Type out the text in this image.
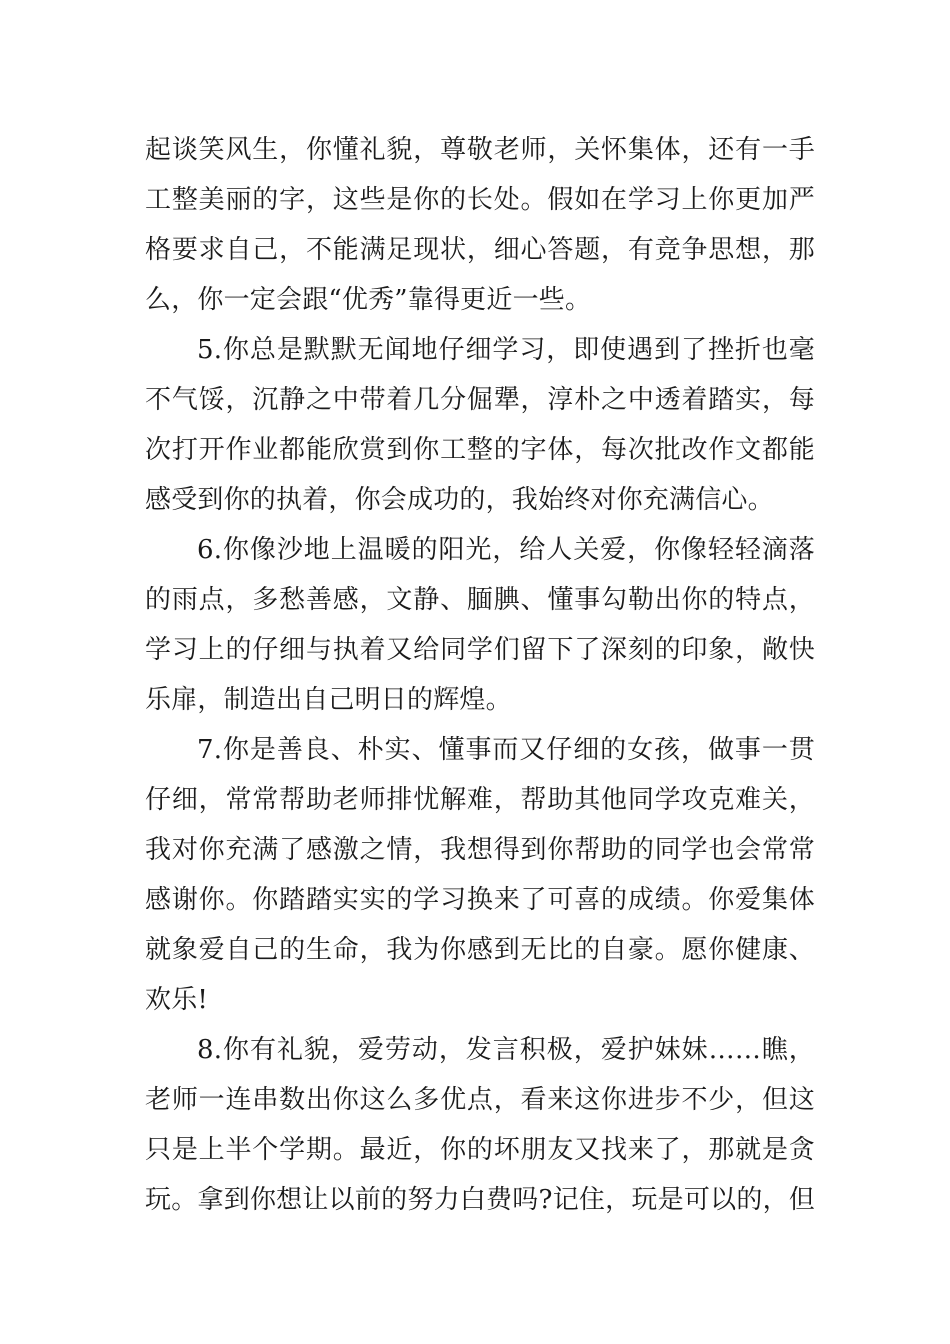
起谈笑风生，你懂礼貌，尊敬老师，关怀集体，还有一手
工整美丽的字，这些是你的长处。假如在学习上你更加严
格要求自己，不能满足现状，细心答题，有竞争思想，那
么，你一定会跟“优秀”靠得更近一些。
5.你总是默默无闻地仔细学习，即使遇到了挫折也毫
不气馁，沉静之中带着几分倔犟，淳朴之中透着踏实，每
次打开作业都能欣赏到你工整的字体，每次批改作文都能
感受到你的执着，你会成功的，我始终对你充满信心。
6.你像沙地上温暖的阳光，给人关爱，你像轻轻滴落
的雨点，多愁善感，文静、腼腆、懂事勾勒出你的特点，
学习上的仔细与执着又给同学们留下了深刻的印象，敞快
乐扉，制造出自己明日的辉煌。
7.你是善良、朴实、懂事而又仔细的女孩，做事一贯
仔细，常常帮助老师排忧解难，帮助其他同学攻克难关，
我对你充满了感激之情，我想得到你帮助的同学也会常常
感谢你。你踏踏实实的学习换来了可喜的成绩。你爱集体
就象爱自己的生命，我为你感到无比的自豪。愿你健康、
欢乐!
8.你有礼貌，爱劳动，发言积极，爱护妹妹……瞧，
老师一连串数出你这么多优点，看来这你进步不少，但这
只是上半个学期。最近，你的坏朋友又找来了，那就是贪
玩。拿到你想让以前的努力白费吗?记住，玩是可以的，但
